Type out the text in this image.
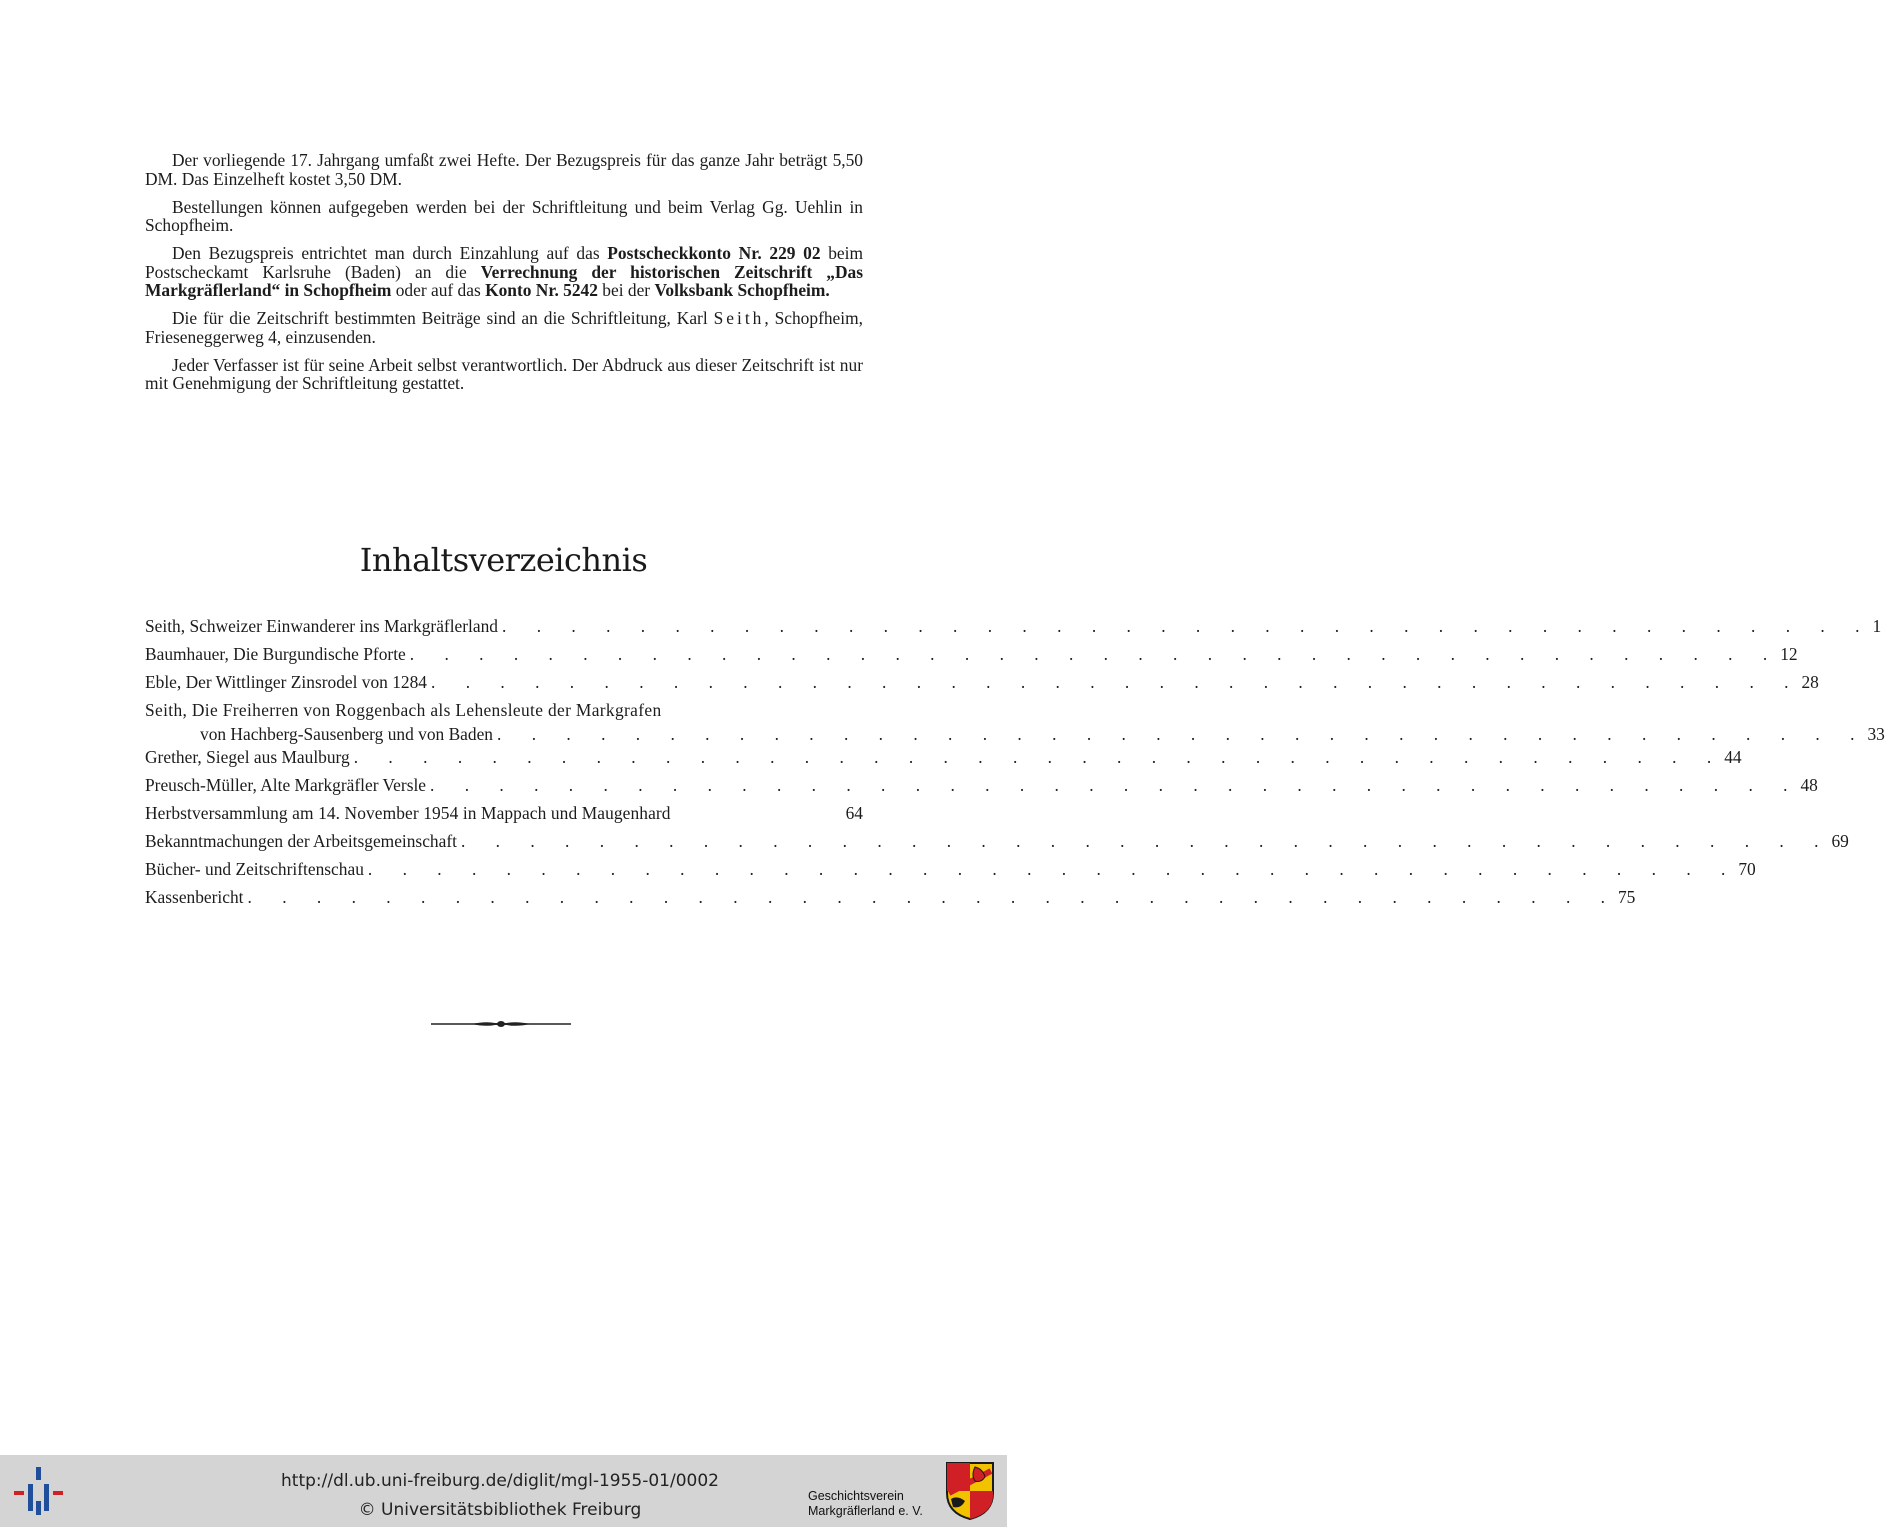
Der vorliegende 17. Jahrgang umfaßt zwei Hefte. Der Bezugspreis für das ganze Jahr beträgt 5,50 DM. Das Einzelheft kostet 3,50 DM.

Bestellungen können aufgegeben werden bei der Schriftleitung und beim Verlag Gg. Uehlin in Schopfheim.

Den Bezugspreis entrichtet man durch Einzahlung auf das Postscheckkonto Nr. 229 02 beim Postscheckamt Karlsruhe (Baden) an die Verrechnung der historischen Zeitschrift „Das Markgräflerland“ in Schopfheim oder auf das Konto Nr. 5242 bei der Volksbank Schopfheim.

Die für die Zeitschrift bestimmten Beiträge sind an die Schriftleitung, Karl Seith, Schopfheim, Frieseneggerweg 4, einzusenden.

Jeder Verfasser ist für seine Arbeit selbst verantwortlich. Der Abdruck aus dieser Zeitschrift ist nur mit Genehmigung der Schriftleitung gestattet.

Inhaltsverzeichnis
Seith, Schweizer Einwanderer ins Markgräflerland . . . . . . . . . . . . . . . . . . . . . . . . . . . . . . . . . . . . . . . . 1
Baumhauer, Die Burgundische Pforte . . . . . . . . . . . . . . . . . . . . . . . . . . . . . . . . . . . . . . . . 12
Eble, Der Wittlinger Zinsrodel von 1284 . . . . . . . . . . . . . . . . . . . . . . . . . . . . . . . . . . . . . . . . 28
Seith, Die Freiherren von Roggenbach als Lehensleute der Markgrafen
von Hachberg-Sausenberg und von Baden . . . . . . . . . . . . . . . . . . . . . . . . . . . . . . . . . . . . . . . . 33
Grether, Siegel aus Maulburg . . . . . . . . . . . . . . . . . . . . . . . . . . . . . . . . . . . . . . . . 44
Preusch-Müller, Alte Markgräfler Versle . . . . . . . . . . . . . . . . . . . . . . . . . . . . . . . . . . . . . . . . 48
Herbstversammlung am 14. November 1954 in Mappach und Maugenhard	64
Bekanntmachungen der Arbeitsgemeinschaft . . . . . . . . . . . . . . . . . . . . . . . . . . . . . . . . . . . . . . . . 69
Bücher- und Zeitschriftenschau . . . . . . . . . . . . . . . . . . . . . . . . . . . . . . . . . . . . . . . . 70
Kassenbericht . . . . . . . . . . . . . . . . . . . . . . . . . . . . . . . . . . . . . . . . 75
http://dl.ub.uni-freiburg.de/diglit/mgl-1955-01/0002
© Universitätsbibliothek Freiburg
Geschichtsverein
Markgräflerland e. V.
